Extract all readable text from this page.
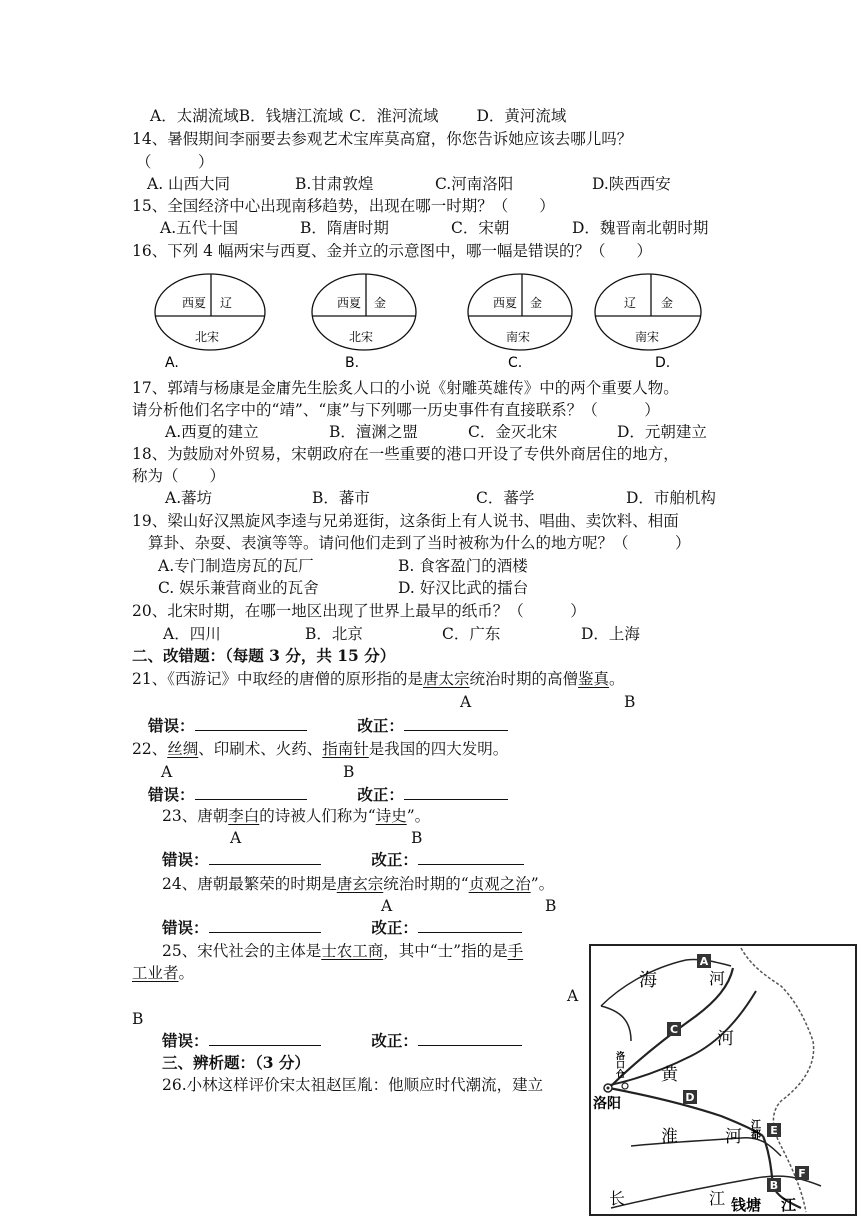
A．太湖流域B．钱塘江流域 C．淮河流域 D．黄河流域
14、暑假期间李丽要去参观艺术宝库莫高窟，你您告诉她应该去哪儿吗？
（　　　）
A. 山西大同	B.甘肃敦煌	C.河南洛阳	D.陕西西安
15、全国经济中心出现南移趋势，出现在哪一时期？（　　）
A.五代十国	B．隋唐时期	C．宋朝	D．魏晋南北朝时期
16、下列 4 幅两宋与西夏、金并立的示意图中，哪一幅是错误的？（　　）
西夏 辽
北宋
A.
西夏 金
北宋
B.
西夏 金
南宋
C.
辽 金
南宋
D.
17、郭靖与杨康是金庸先生脍炙人口的小说《射雕英雄传》中的两个重要人物。
请分析他们名字中的“靖”、“康”与下列哪一历史事件有直接联系？（　　　）
A.西夏的建立	B．澶渊之盟	C．金灭北宋	D．元朝建立
18、为鼓励对外贸易，宋朝政府在一些重要的港口开设了专供外商居住的地方，
称为（　　）
A.蕃坊	B．蕃市	C．蕃学	D．市舶机构
19、梁山好汉黑旋风李逵与兄弟逛街，这条街上有人说书、唱曲、卖饮料、相面
算卦、杂耍、表演等等。请问他们走到了当时被称为什么的地方呢？（　　　）
A.专门制造房瓦的瓦厂	B. 食客盈门的酒楼
C. 娱乐兼营商业的瓦舍	D. 好汉比武的擂台
20、北宋时期，在哪一地区出现了世界上最早的纸币？（　　　）
A．四川	B．北京	C．广东	D．上海
二、改错题：（每题 3 分，共 15 分）
21、《西游记》中取经的唐僧的原形指的是唐太宗统治时期的高僧鉴真。
A	B
错误：	改正：
22、丝绸、印刷术、火药、指南针是我国的四大发明。
A	B
错误：	改正：
23、唐朝李白的诗被人们称为“诗史”。
A	B
错误：	改正：
24、唐朝最繁荣的时期是唐玄宗统治时期的“贞观之治”。
A	B
错误：	改正：
25、宋代社会的主体是士农工商，其中“士”指的是手
工业者。
A
B
错误：	改正：
三、辨析题：（3 分）
26.小林这样评价宋太祖赵匡胤：他顺应时代潮流，建立
海	河
河
黄
淮	河
洛阳
洛口仓
江都
长	江 钱塘 江
A
C
D
E
B
F
